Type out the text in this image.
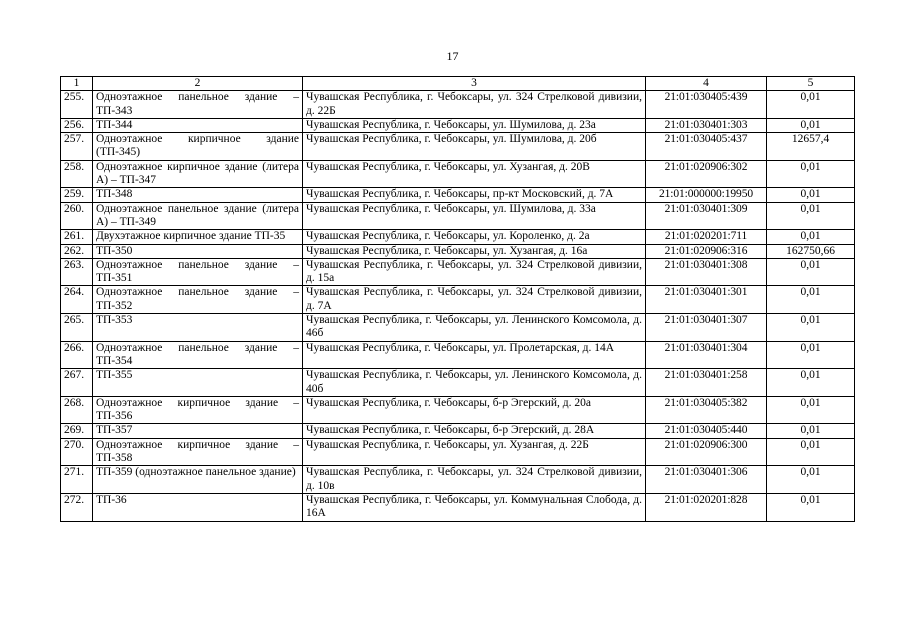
17
1	2	3	4	5
255.	Одноэтажное панельное здание – ТП-343	Чувашская Республика, г. Чебоксары, ул. 324 Стрелковой дивизии, д. 22Б	21:01:030405:439	0,01
256.	ТП-344	Чувашская Республика, г. Чебоксары, ул. Шумилова, д. 23а	21:01:030401:303	0,01
257.	Одноэтажное кирпичное здание (ТП-345)	Чувашская Республика, г. Чебоксары, ул. Шумилова, д. 20б	21:01:030405:437	12657,4
258.	Одноэтажное кирпичное здание (литера А) – ТП-347	Чувашская Республика, г. Чебоксары, ул. Хузангая, д. 20В	21:01:020906:302	0,01
259.	ТП-348	Чувашская Республика, г. Чебоксары, пр-кт Московский, д. 7А	21:01:000000:19950	0,01
260.	Одноэтажное панельное здание (литера А) – ТП-349	Чувашская Республика, г. Чебоксары, ул. Шумилова, д. 33а	21:01:030401:309	0,01
261.	Двухэтажное кирпичное здание ТП-35	Чувашская Республика, г. Чебоксары, ул. Короленко, д. 2а	21:01:020201:711	0,01
262.	ТП-350	Чувашская Республика, г. Чебоксары, ул. Хузангая, д. 16а	21:01:020906:316	162750,66
263.	Одноэтажное панельное здание – ТП-351	Чувашская Республика, г. Чебоксары, ул. 324 Стрелковой дивизии, д. 15а	21:01:030401:308	0,01
264.	Одноэтажное панельное здание – ТП-352	Чувашская Республика, г. Чебоксары, ул. 324 Стрелковой дивизии, д. 7А	21:01:030401:301	0,01
265.	ТП-353	Чувашская Республика, г. Чебоксары, ул. Ленинского Комсомола, д. 46б	21:01:030401:307	0,01
266.	Одноэтажное панельное здание – ТП-354	Чувашская Республика, г. Чебоксары, ул. Пролетарская, д. 14А	21:01:030401:304	0,01
267.	ТП-355	Чувашская Республика, г. Чебоксары, ул. Ленинского Комсомола, д. 40б	21:01:030401:258	0,01
268.	Одноэтажное кирпичное здание – ТП-356	Чувашская Республика, г. Чебоксары, б-р Эгерский, д. 20а	21:01:030405:382	0,01
269.	ТП-357	Чувашская Республика, г. Чебоксары, б-р Эгерский, д. 28А	21:01:030405:440	0,01
270.	Одноэтажное кирпичное здание – ТП-358	Чувашская Республика, г. Чебоксары, ул. Хузангая, д. 22Б	21:01:020906:300	0,01
271.	ТП-359 (одноэтажное панельное здание)	Чувашская Республика, г. Чебоксары, ул. 324 Стрелковой дивизии, д. 10в	21:01:030401:306	0,01
272.	ТП-36	Чувашская Республика, г. Чебоксары, ул. Коммунальная Слобода, д. 16А	21:01:020201:828	0,01
